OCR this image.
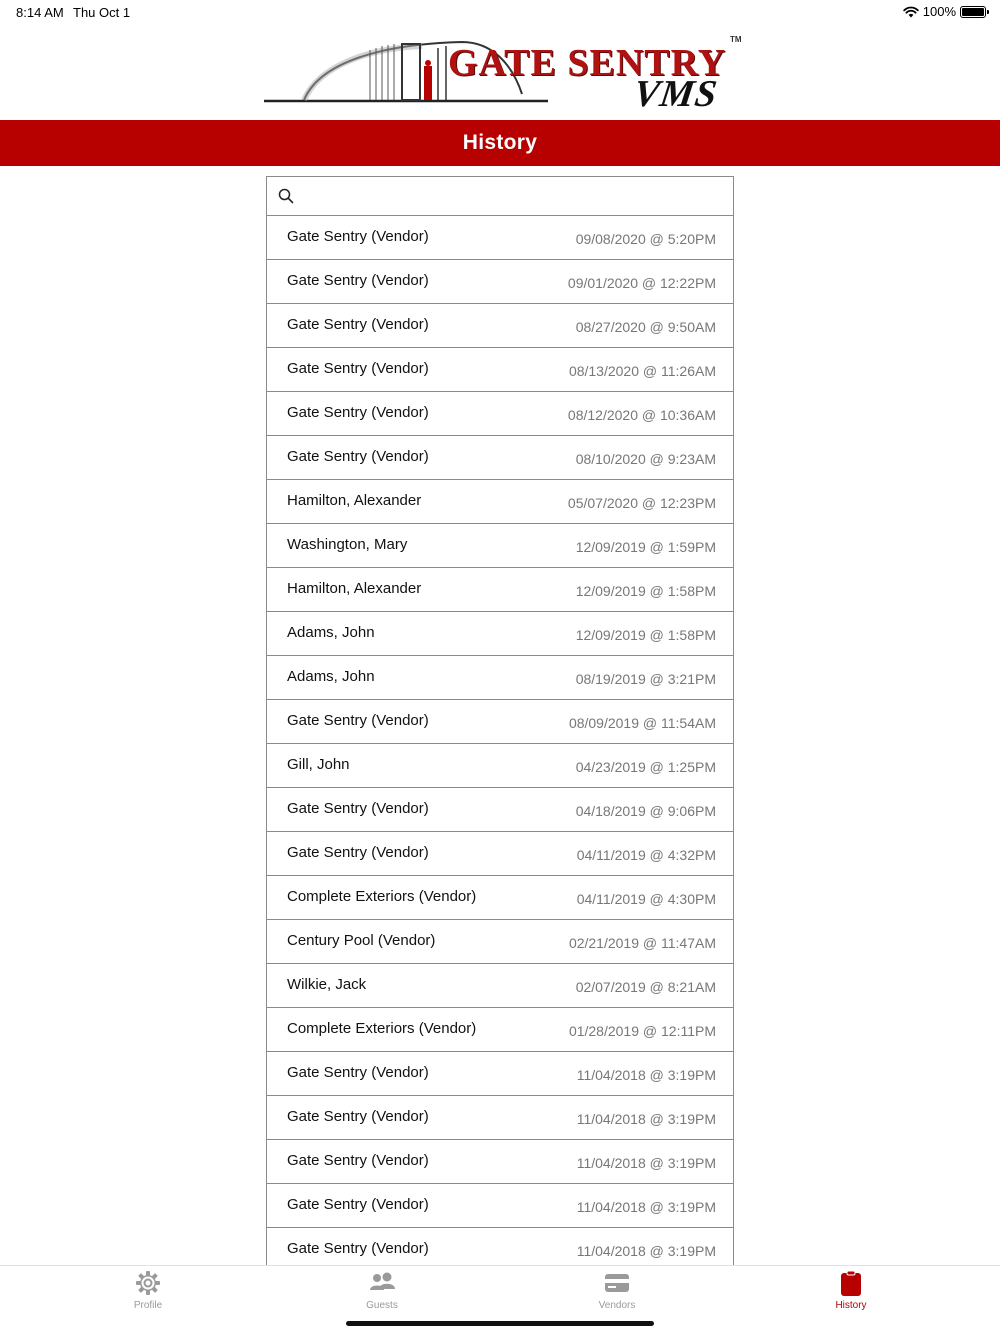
8:14 AM Thu Oct 1	100%
GATE SENTRY
TM
VMS
History
Gate Sentry (Vendor)	09/08/2020 @ 5:20PM
Gate Sentry (Vendor)	09/01/2020 @ 12:22PM
Gate Sentry (Vendor)	08/27/2020 @ 9:50AM
Gate Sentry (Vendor)	08/13/2020 @ 11:26AM
Gate Sentry (Vendor)	08/12/2020 @ 10:36AM
Gate Sentry (Vendor)	08/10/2020 @ 9:23AM
Hamilton, Alexander	05/07/2020 @ 12:23PM
Washington, Mary	12/09/2019 @ 1:59PM
Hamilton, Alexander	12/09/2019 @ 1:58PM
Adams, John	12/09/2019 @ 1:58PM
Adams, John	08/19/2019 @ 3:21PM
Gate Sentry (Vendor)	08/09/2019 @ 11:54AM
Gill, John	04/23/2019 @ 1:25PM
Gate Sentry (Vendor)	04/18/2019 @ 9:06PM
Gate Sentry (Vendor)	04/11/2019 @ 4:32PM
Complete Exteriors (Vendor)	04/11/2019 @ 4:30PM
Century Pool (Vendor)	02/21/2019 @ 11:47AM
Wilkie, Jack	02/07/2019 @ 8:21AM
Complete Exteriors (Vendor)	01/28/2019 @ 12:11PM
Gate Sentry (Vendor)	11/04/2018 @ 3:19PM
Gate Sentry (Vendor)	11/04/2018 @ 3:19PM
Gate Sentry (Vendor)	11/04/2018 @ 3:19PM
Gate Sentry (Vendor)	11/04/2018 @ 3:19PM
Gate Sentry (Vendor)	11/04/2018 @ 3:19PM
Profile	Guests	Vendors	History
